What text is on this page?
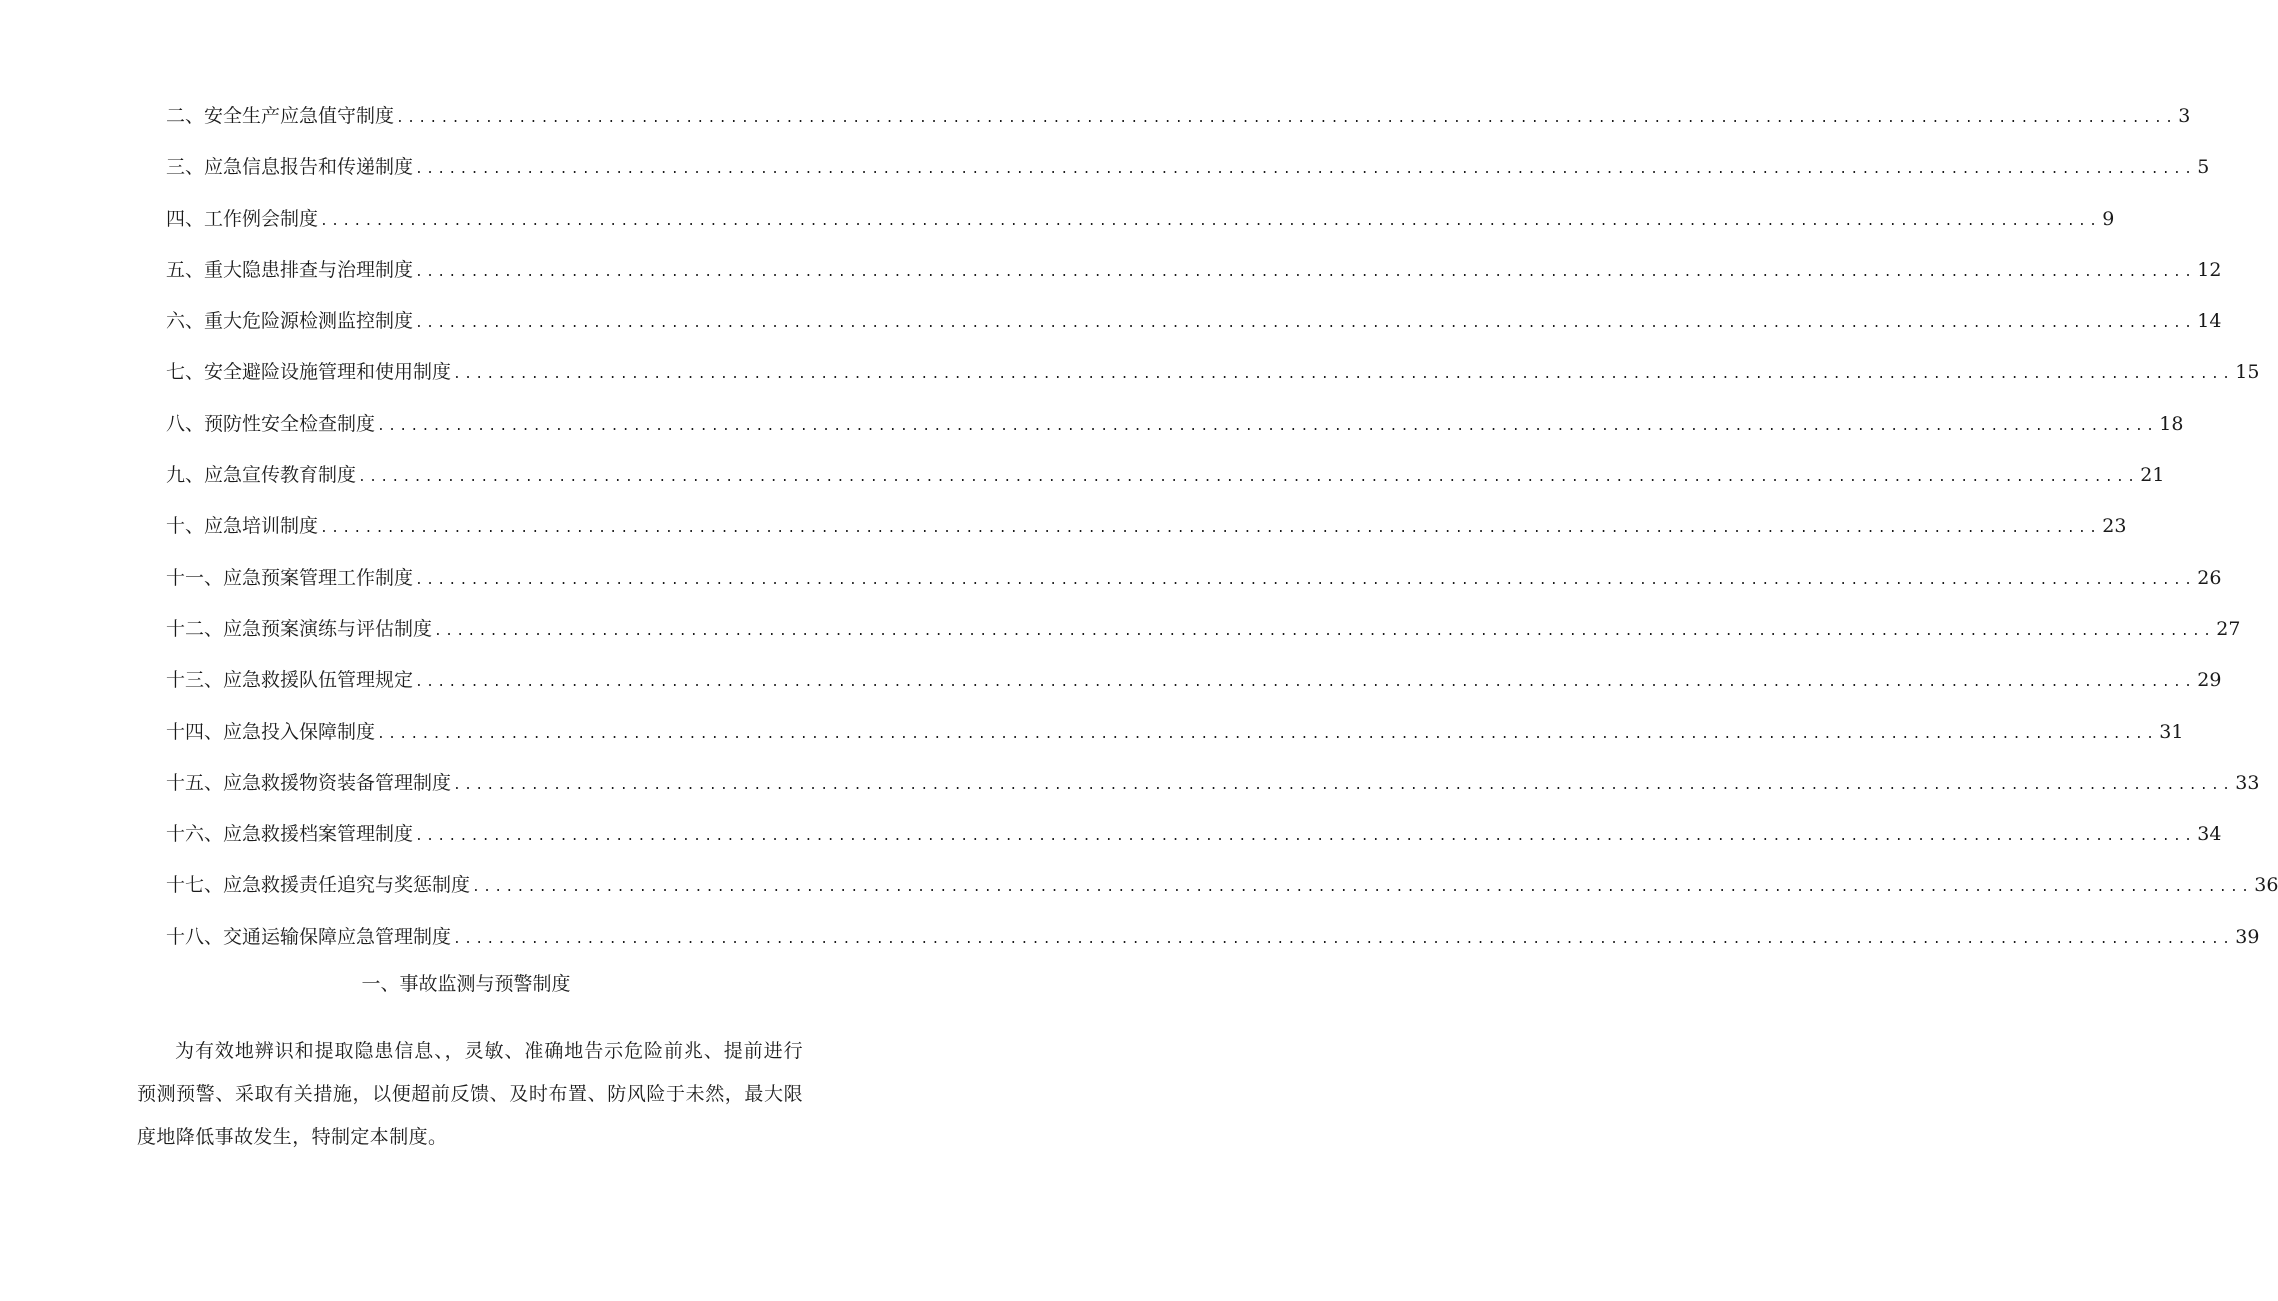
二、安全生产应急值守制度 ................................................................................................................................................................ 3
三、应急信息报告和传递制度 ................................................................................................................................................................ 5
四、工作例会制度 ................................................................................................................................................................ 9
五、重大隐患排查与治理制度 ................................................................................................................................................................ 12
六、重大危险源检测监控制度 ................................................................................................................................................................ 14
七、安全避险设施管理和使用制度 ................................................................................................................................................................ 15
八、预防性安全检查制度 ................................................................................................................................................................ 18
九、应急宣传教育制度 ................................................................................................................................................................ 21
十、应急培训制度 ................................................................................................................................................................ 23
十一、应急预案管理工作制度 ................................................................................................................................................................ 26
十二、应急预案演练与评估制度 ................................................................................................................................................................ 27
十三、应急救援队伍管理规定 ................................................................................................................................................................ 29
十四、应急投入保障制度 ................................................................................................................................................................ 31
十五、应急救援物资装备管理制度 ................................................................................................................................................................ 33
十六、应急救援档案管理制度 ................................................................................................................................................................ 34
十七、应急救援责任追究与奖惩制度 ................................................................................................................................................................ 36
十八、交通运输保障应急管理制度 ................................................................................................................................................................ 39
一、事故监测与预警制度

为有效地辨识和提取隐患信息、，灵敏、准确地告示危险前兆、提前进行预测预警、采取有关措施，以便超前反馈、及时布置、防风险于未然，最大限度地降低事故发生，特制定本制度。
